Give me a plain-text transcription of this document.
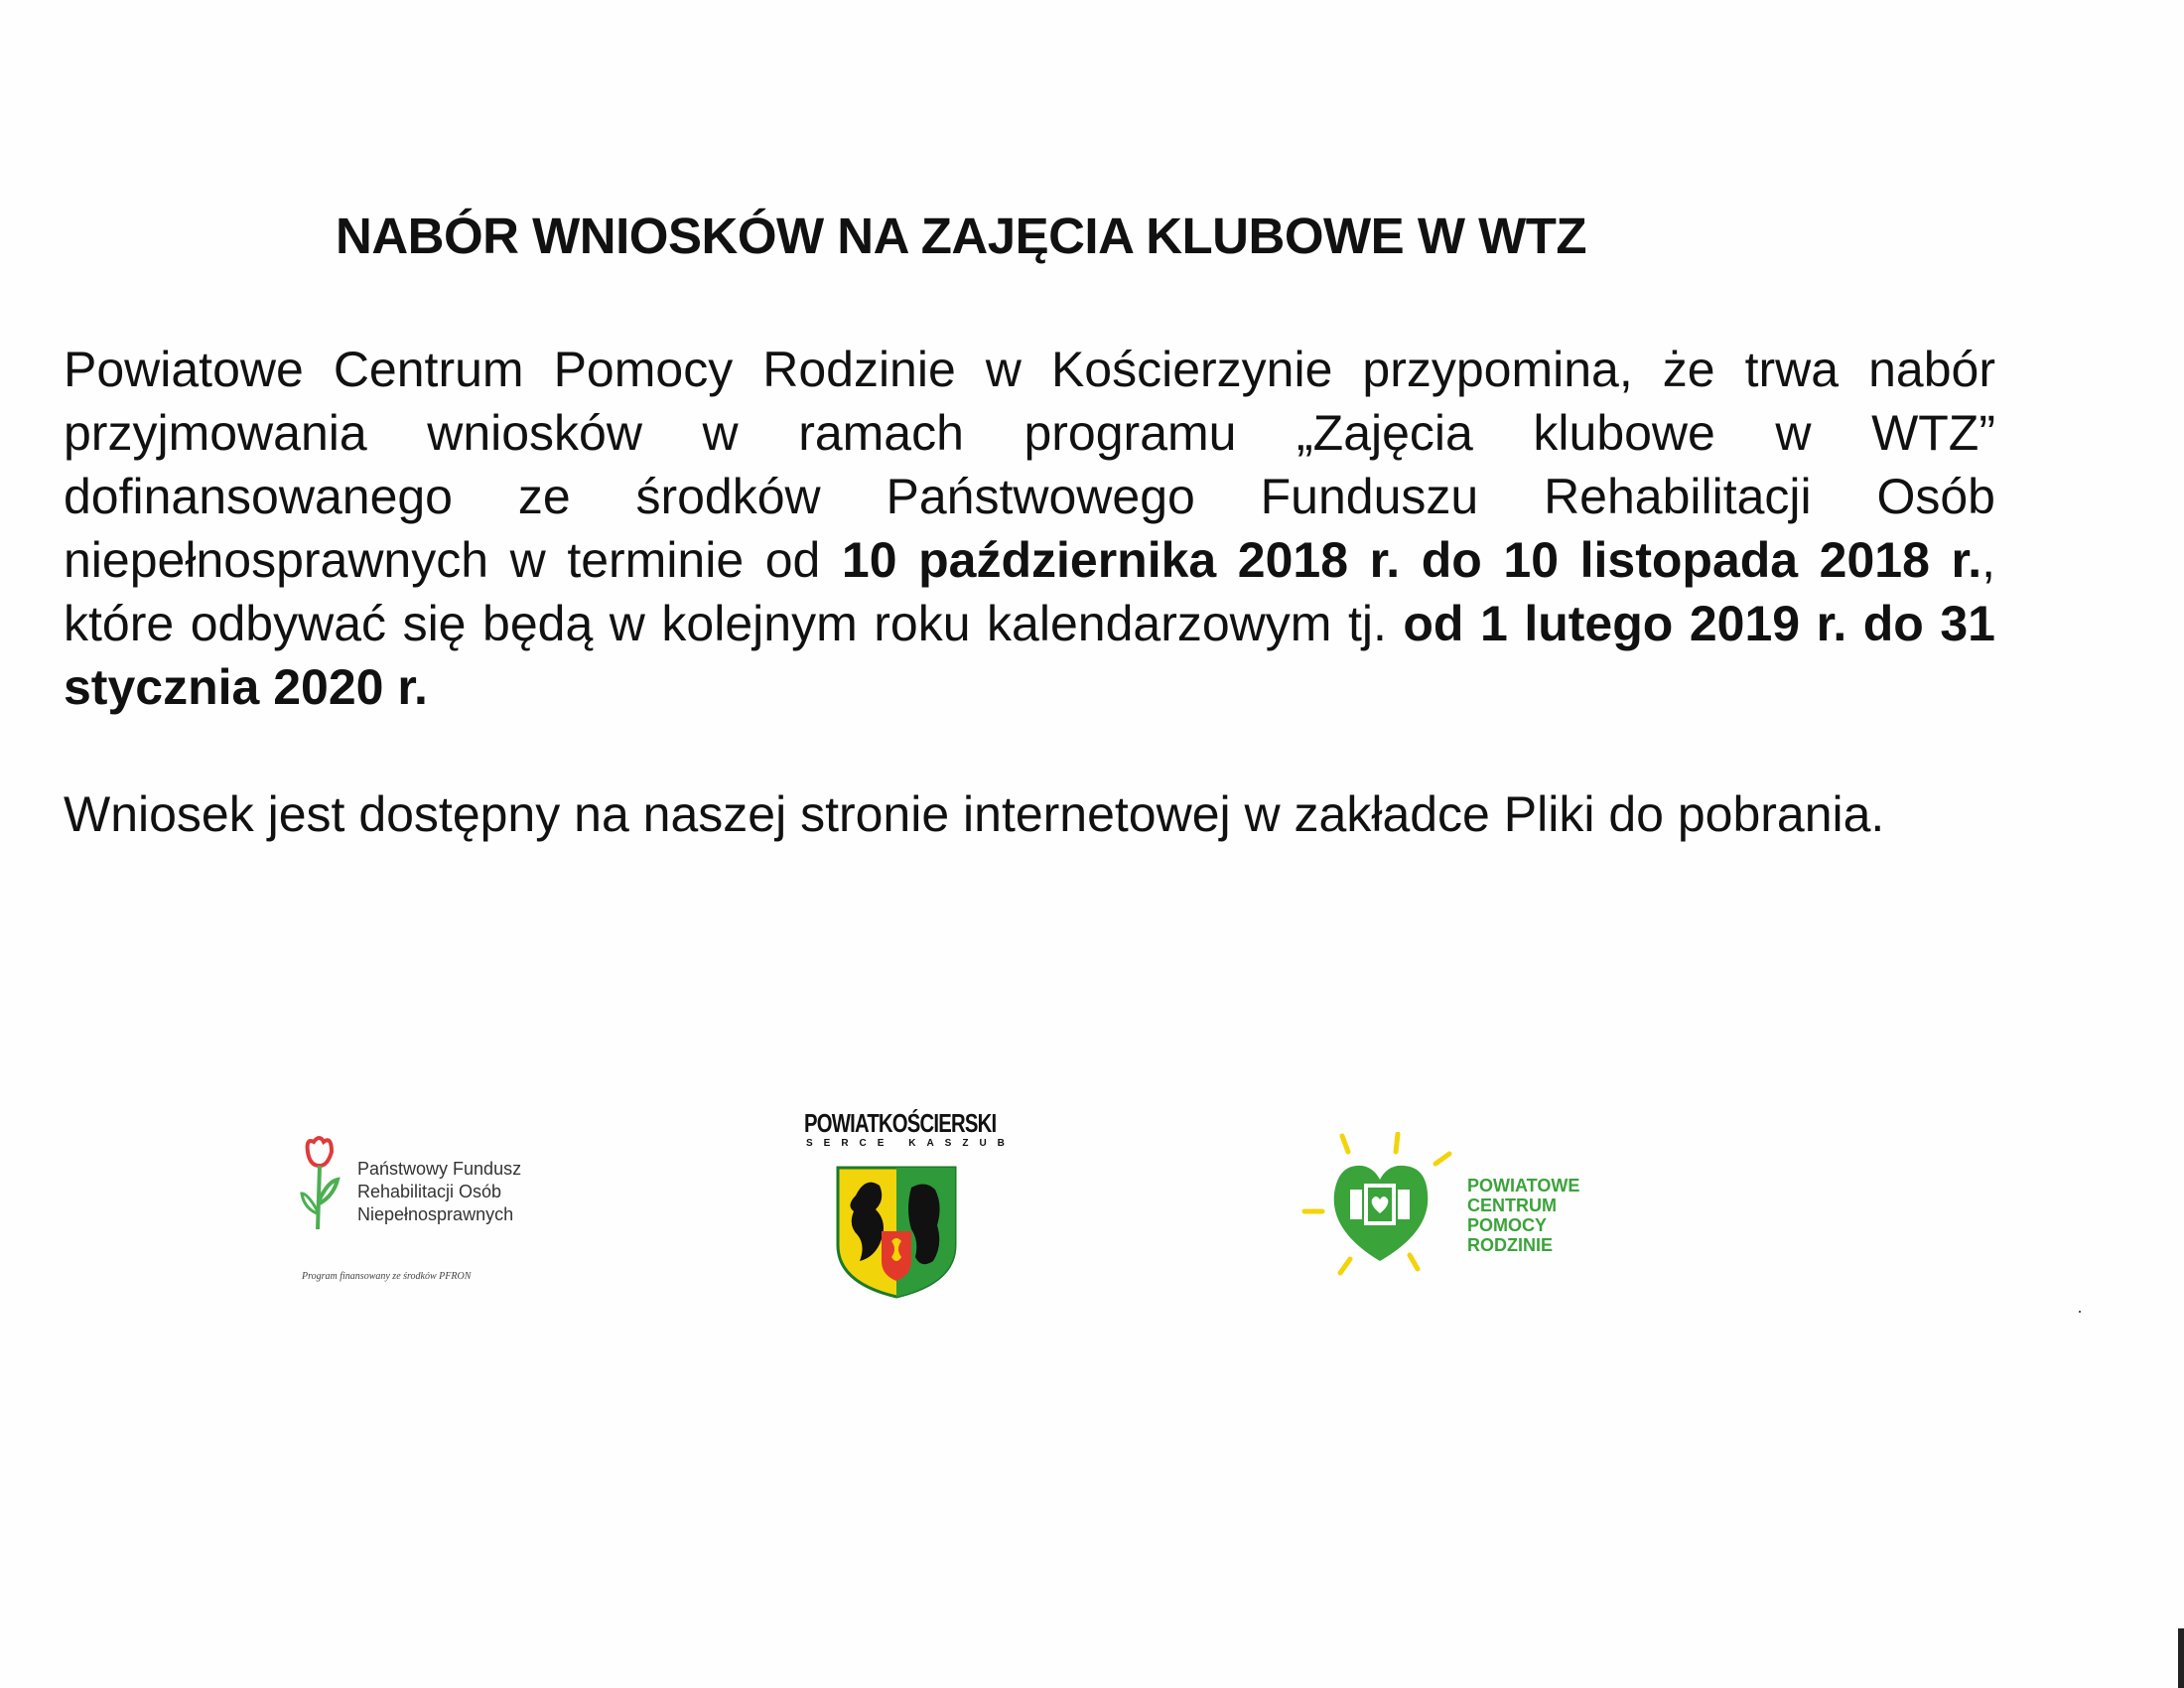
NABÓR WNIOSKÓW NA ZAJĘCIA KLUBOWE W WTZ
Powiatowe Centrum Pomocy Rodzinie w Kościerzynie przypomina, że trwa nabór przyjmowania wniosków w ramach programu „Zajęcia klubowe w WTZ” dofinansowanego ze środków Państwowego Funduszu Rehabilitacji Osób niepełnosprawnych w terminie od 10 października 2018 r. do 10 listopada 2018 r., które odbywać się będą w kolejnym roku kalendarzowym tj. od 1 lutego 2019 r. do 31 stycznia 2020 r.
Wniosek jest dostępny na naszej stronie internetowej w zakładce Pliki do pobrania.
Państwowy Fundusz
Rehabilitacji Osób
Niepełnosprawnych
Program finansowany ze środków PFRON
POWIATKOŚCIERSKI
SERCE KASZUB
POWIATOWE
CENTRUM
POMOCY
RODZINIE
